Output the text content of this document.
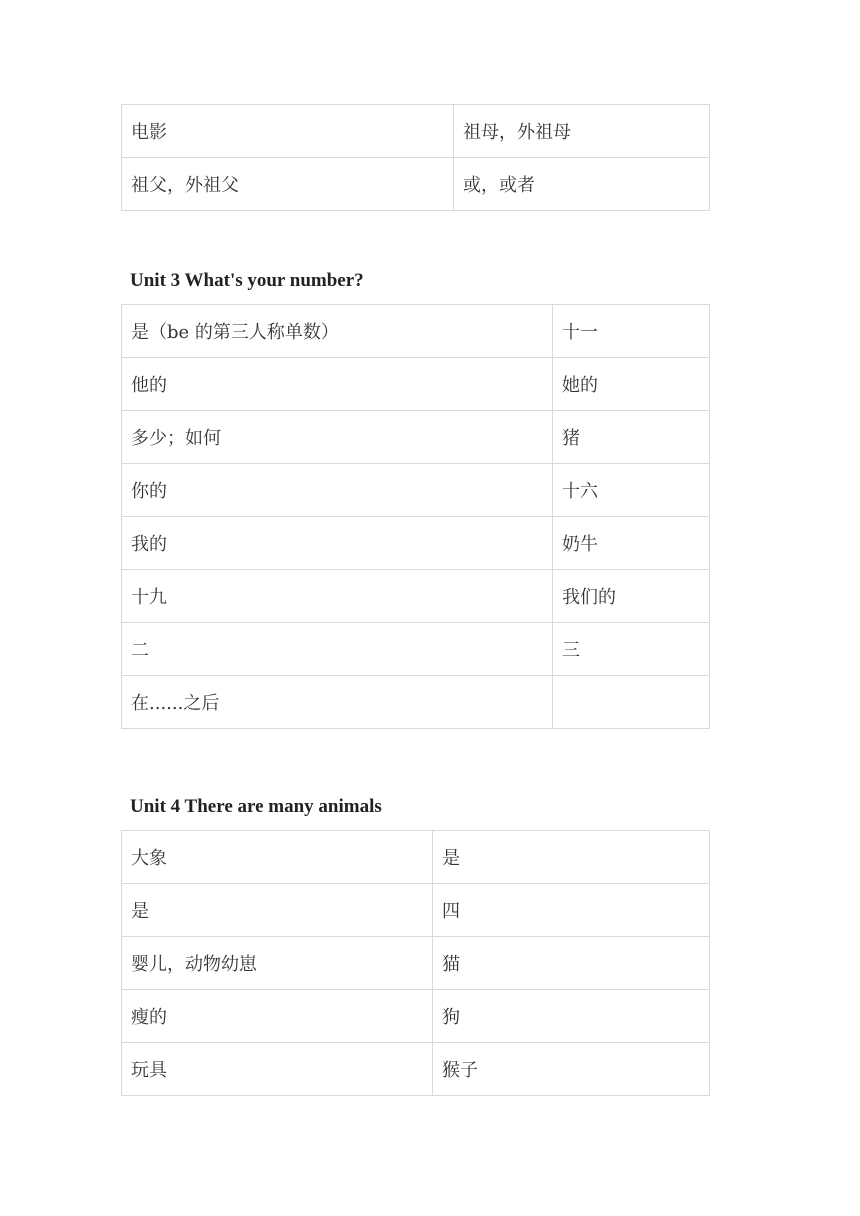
电影	祖母，外祖母
祖父，外祖父	或，或者
Unit 3 What's your number?
是（be 的第三人称单数）	十一
他的	她的
多少；如何	猪
你的	十六
我的	奶牛
十九	我们的
二	三
在......之后	
Unit 4 There are many animals
大象	是
是	四
婴儿，动物幼崽	猫
瘦的	狗
玩具	猴子
